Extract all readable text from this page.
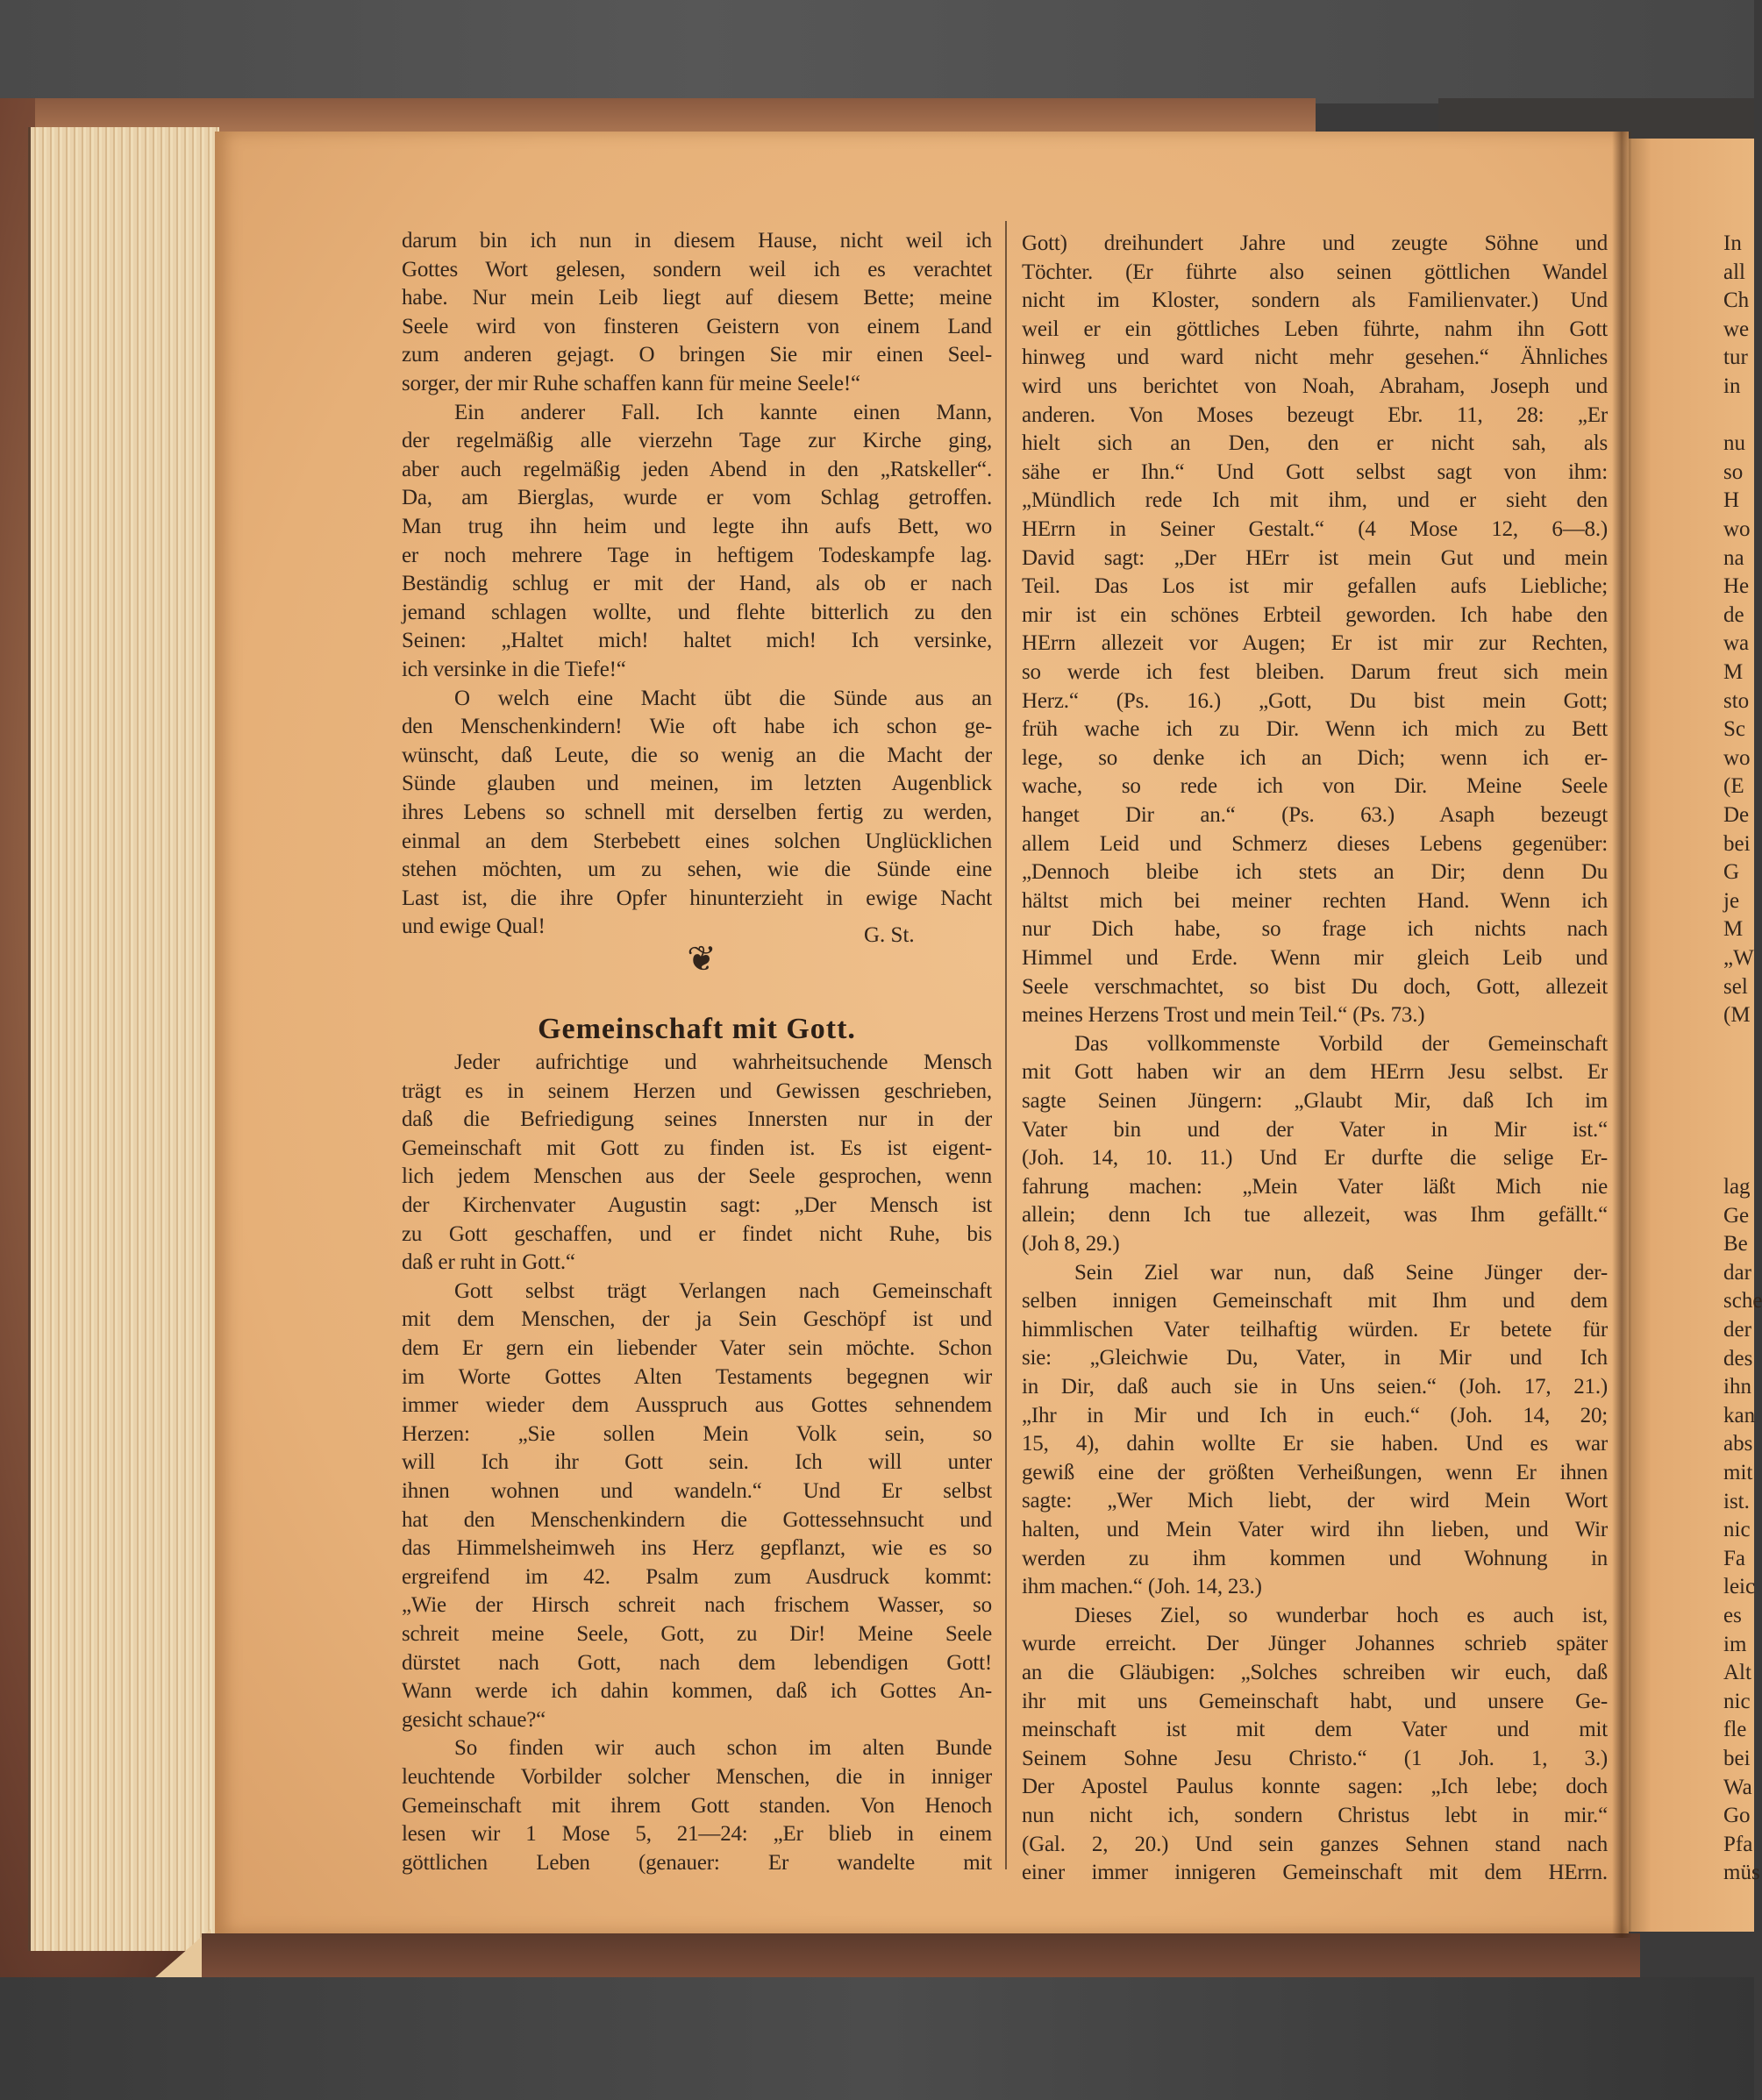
In
all
Ch
we
tur
in
nu
so
H
wo
na
He
de
wa
M
sto
Sc
wo
(E
De
bei
G
je
M
„W
sel
(M
lag
Ge
Be
dar
sche
der
des
ihn
kan
abs
mit
ist.
nic
Fa
leic
es
im
Alt
nic
fle
bei
Wa
Go
Pfa
müs
❦
Gemeinschaft mit Gott.
G. St.
darum bin ich nun in diesem Hause, nicht weil ich
Gottes Wort gelesen, sondern weil ich es verachtet
habe. Nur mein Leib liegt auf diesem Bette; meine
Seele wird von finsteren Geistern von einem Land
zum anderen gejagt. O bringen Sie mir einen Seel-
sorger, der mir Ruhe schaffen kann für meine Seele!“
Ein anderer Fall. Ich kannte einen Mann,
der regelmäßig alle vierzehn Tage zur Kirche ging,
aber auch regelmäßig jeden Abend in den „Ratskeller“.
Da, am Bierglas, wurde er vom Schlag getroffen.
Man trug ihn heim und legte ihn aufs Bett, wo
er noch mehrere Tage in heftigem Todeskampfe lag.
Beständig schlug er mit der Hand, als ob er nach
jemand schlagen wollte, und flehte bitterlich zu den
Seinen: „Haltet mich! haltet mich! Ich versinke,
ich versinke in die Tiefe!“
O welch eine Macht übt die Sünde aus an
den Menschenkindern! Wie oft habe ich schon ge-
wünscht, daß Leute, die so wenig an die Macht der
Sünde glauben und meinen, im letzten Augenblick
ihres Lebens so schnell mit derselben fertig zu werden,
einmal an dem Sterbebett eines solchen Unglücklichen
stehen möchten, um zu sehen, wie die Sünde eine
Last ist, die ihre Opfer hinunterzieht in ewige Nacht
und ewige Qual!
Jeder aufrichtige und wahrheitsuchende Mensch
trägt es in seinem Herzen und Gewissen geschrieben,
daß die Befriedigung seines Innersten nur in der
Gemeinschaft mit Gott zu finden ist. Es ist eigent-
lich jedem Menschen aus der Seele gesprochen, wenn
der Kirchenvater Augustin sagt: „Der Mensch ist
zu Gott geschaffen, und er findet nicht Ruhe, bis
daß er ruht in Gott.“
Gott selbst trägt Verlangen nach Gemeinschaft
mit dem Menschen, der ja Sein Geschöpf ist und
dem Er gern ein liebender Vater sein möchte. Schon
im Worte Gottes Alten Testaments begegnen wir
immer wieder dem Ausspruch aus Gottes sehnendem
Herzen: „Sie sollen Mein Volk sein, so
will Ich ihr Gott sein. Ich will unter
ihnen wohnen und wandeln.“ Und Er selbst
hat den Menschenkindern die Gottessehnsucht und
das Himmelsheimweh ins Herz gepflanzt, wie es so
ergreifend im 42. Psalm zum Ausdruck kommt:
„Wie der Hirsch schreit nach frischem Wasser, so
schreit meine Seele, Gott, zu Dir! Meine Seele
dürstet nach Gott, nach dem lebendigen Gott!
Wann werde ich dahin kommen, daß ich Gottes An-
gesicht schaue?“
So finden wir auch schon im alten Bunde
leuchtende Vorbilder solcher Menschen, die in inniger
Gemeinschaft mit ihrem Gott standen. Von Henoch
lesen wir 1 Mose 5, 21—24: „Er blieb in einem
göttlichen Leben (genauer: Er wandelte mit
Gott) dreihundert Jahre und zeugte Söhne und
Töchter. (Er führte also seinen göttlichen Wandel
nicht im Kloster, sondern als Familienvater.) Und
weil er ein göttliches Leben führte, nahm ihn Gott
hinweg und ward nicht mehr gesehen.“ Ähnliches
wird uns berichtet von Noah, Abraham, Joseph und
anderen. Von Moses bezeugt Ebr. 11, 28: „Er
hielt sich an Den, den er nicht sah, als
sähe er Ihn.“ Und Gott selbst sagt von ihm:
„Mündlich rede Ich mit ihm, und er sieht den
HErrn in Seiner Gestalt.“ (4 Mose 12, 6—8.)
David sagt: „Der HErr ist mein Gut und mein
Teil. Das Los ist mir gefallen aufs Liebliche;
mir ist ein schönes Erbteil geworden. Ich habe den
HErrn allezeit vor Augen; Er ist mir zur Rechten,
so werde ich fest bleiben. Darum freut sich mein
Herz.“ (Ps. 16.) „Gott, Du bist mein Gott;
früh wache ich zu Dir. Wenn ich mich zu Bett
lege, so denke ich an Dich; wenn ich er-
wache, so rede ich von Dir. Meine Seele
hanget Dir an.“ (Ps. 63.) Asaph bezeugt
allem Leid und Schmerz dieses Lebens gegenüber:
„Dennoch bleibe ich stets an Dir; denn Du
hältst mich bei meiner rechten Hand. Wenn ich
nur Dich habe, so frage ich nichts nach
Himmel und Erde. Wenn mir gleich Leib und
Seele verschmachtet, so bist Du doch, Gott, allezeit
meines Herzens Trost und mein Teil.“ (Ps. 73.)
Das vollkommenste Vorbild der Gemeinschaft
mit Gott haben wir an dem HErrn Jesu selbst. Er
sagte Seinen Jüngern: „Glaubt Mir, daß Ich im
Vater bin und der Vater in Mir ist.“
(Joh. 14, 10. 11.) Und Er durfte die selige Er-
fahrung machen: „Mein Vater läßt Mich nie
allein; denn Ich tue allezeit, was Ihm gefällt.“
(Joh 8, 29.)
Sein Ziel war nun, daß Seine Jünger der-
selben innigen Gemeinschaft mit Ihm und dem
himmlischen Vater teilhaftig würden. Er betete für
sie: „Gleichwie Du, Vater, in Mir und Ich
in Dir, daß auch sie in Uns seien.“ (Joh. 17, 21.)
„Ihr in Mir und Ich in euch.“ (Joh. 14, 20;
15, 4), dahin wollte Er sie haben. Und es war
gewiß eine der größten Verheißungen, wenn Er ihnen
sagte: „Wer Mich liebt, der wird Mein Wort
halten, und Mein Vater wird ihn lieben, und Wir
werden zu ihm kommen und Wohnung in
ihm machen.“ (Joh. 14, 23.)
Dieses Ziel, so wunderbar hoch es auch ist,
wurde erreicht. Der Jünger Johannes schrieb später
an die Gläubigen: „Solches schreiben wir euch, daß
ihr mit uns Gemeinschaft habt, und unsere Ge-
meinschaft ist mit dem Vater und mit
Seinem Sohne Jesu Christo.“ (1 Joh. 1, 3.)
Der Apostel Paulus konnte sagen: „Ich lebe; doch
nun nicht ich, sondern Christus lebt in mir.“
(Gal. 2, 20.) Und sein ganzes Sehnen stand nach
einer immer innigeren Gemeinschaft mit dem HErrn.
